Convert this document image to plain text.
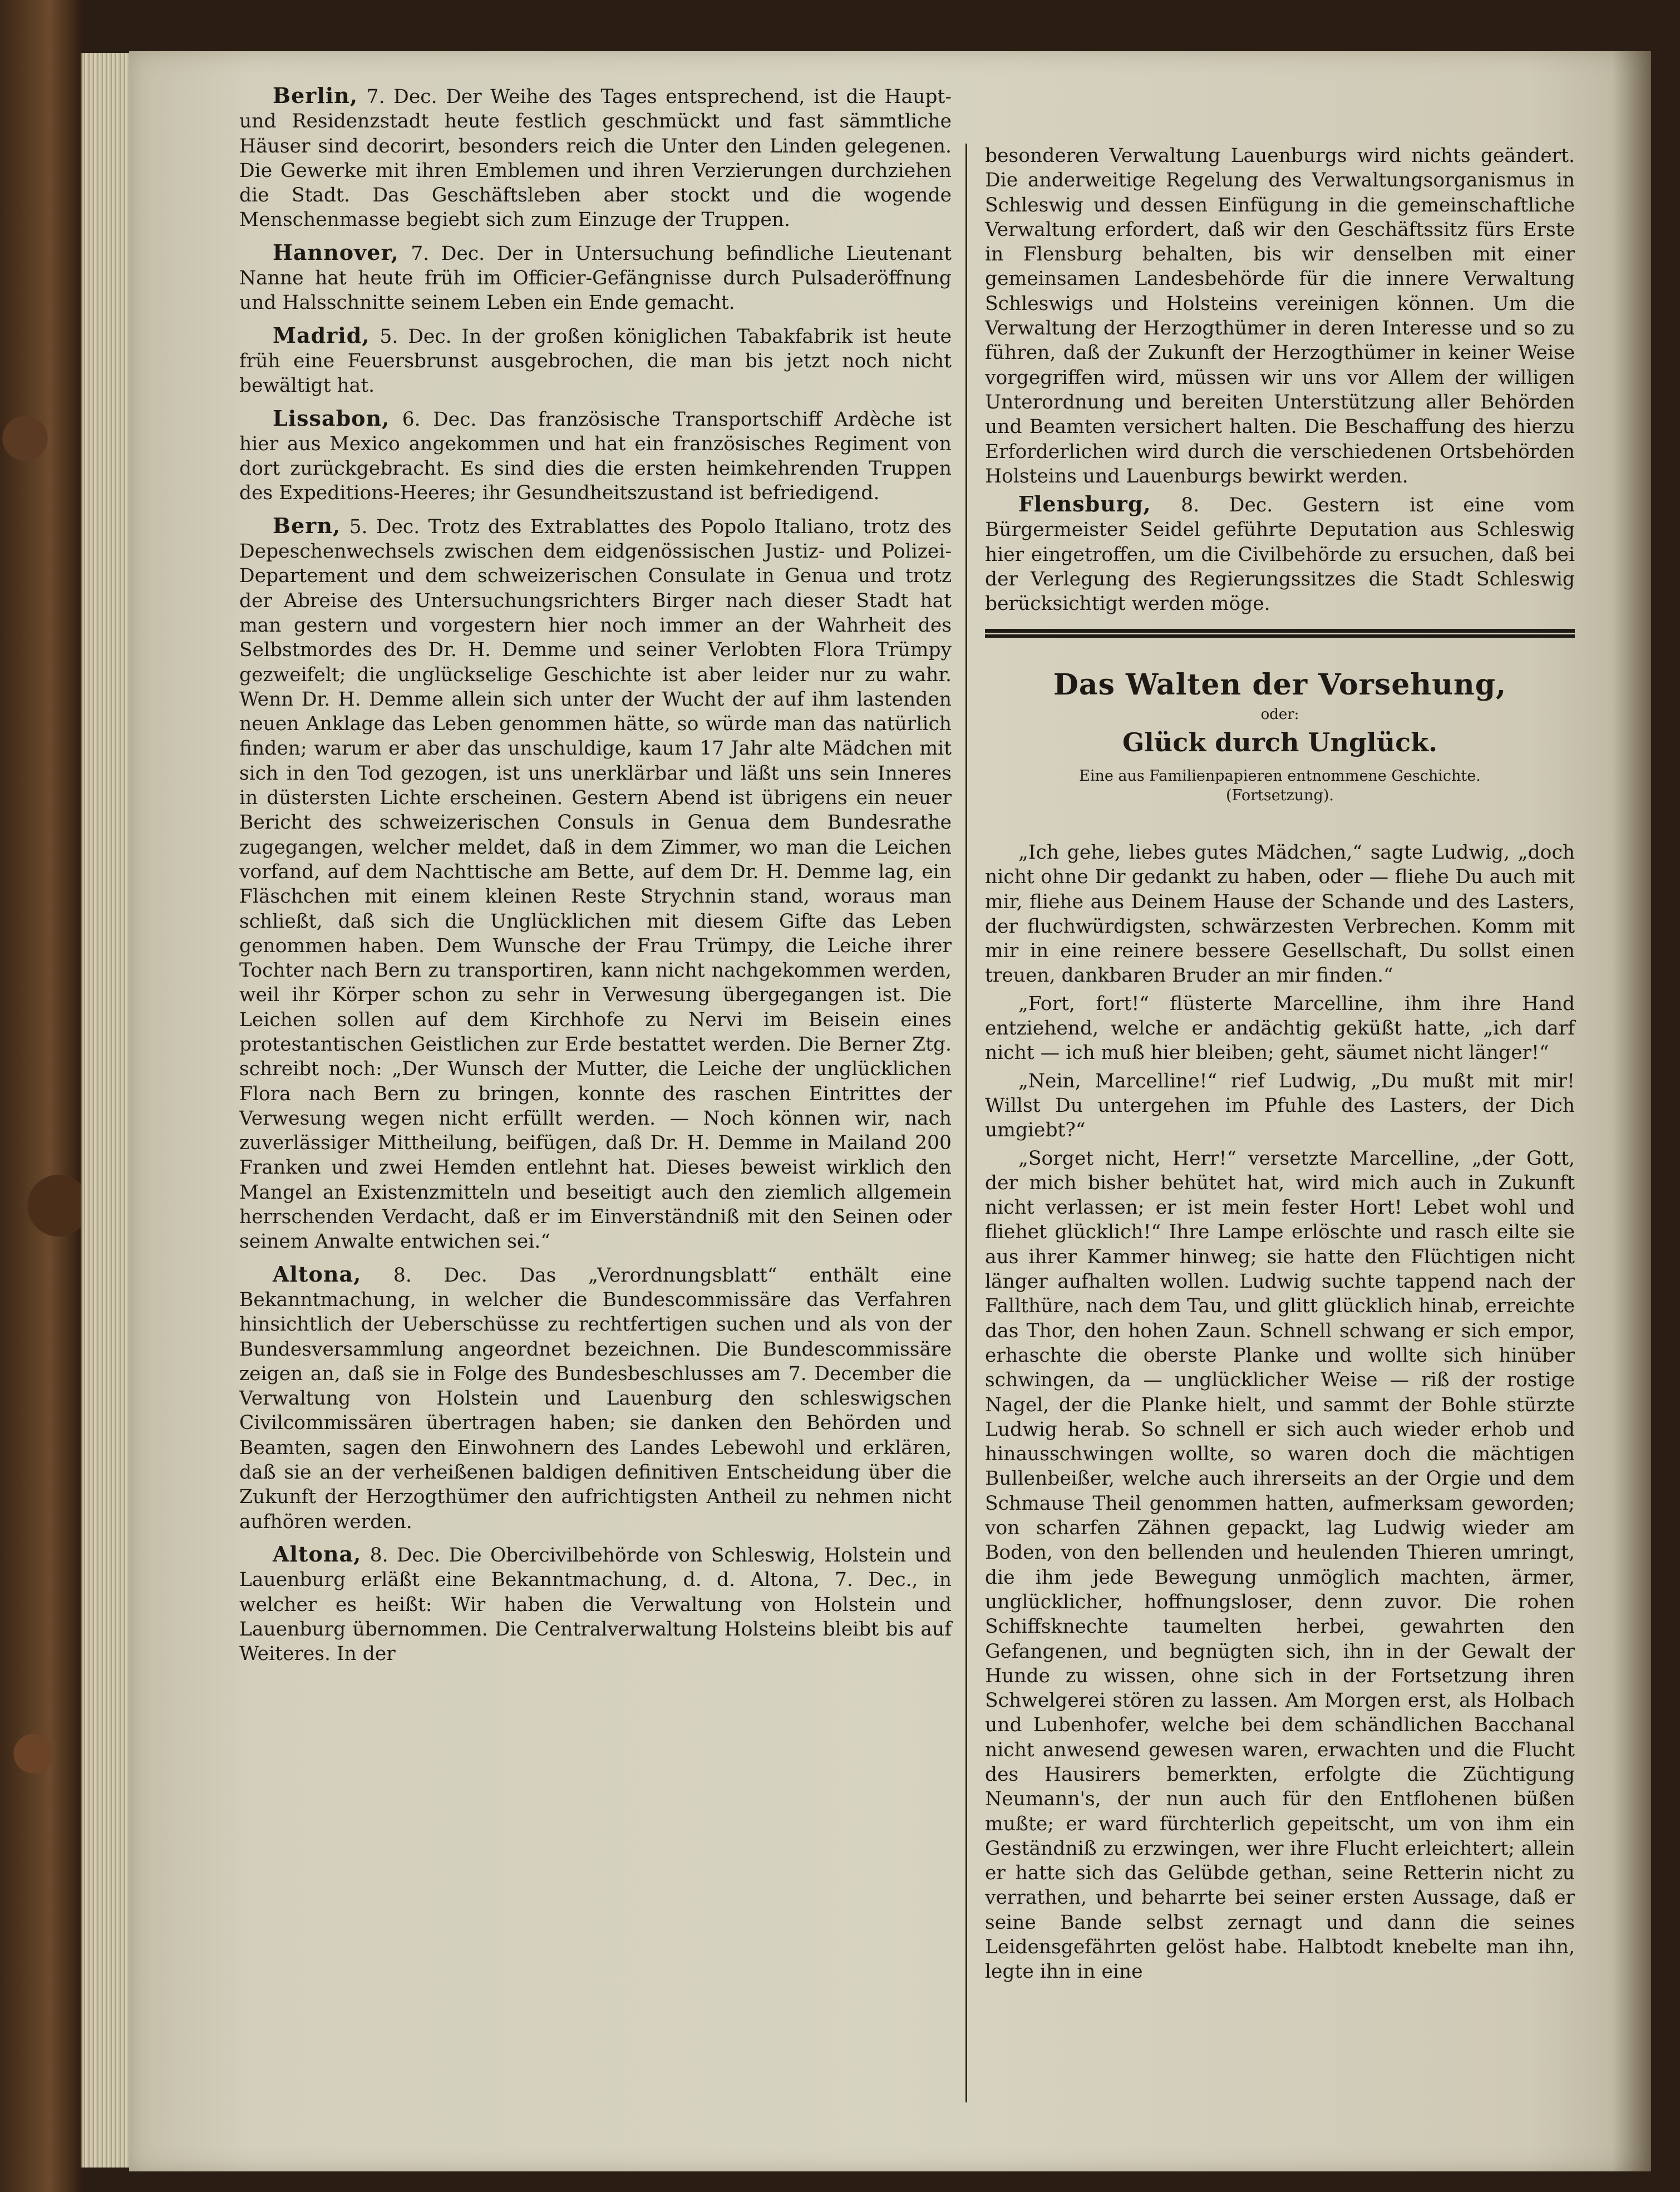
Berlin, 7. Dec. Der Weihe des Tages entsprechend, ist die Haupt- und Residenzstadt heute festlich geschmückt und fast sämmtliche Häuser sind decorirt, besonders reich die Unter den Linden gelegenen. Die Gewerke mit ihren Emblemen und ihren Verzierungen durchziehen die Stadt. Das Geschäftsleben aber stockt und die wogende Menschenmasse begiebt sich zum Einzuge der Truppen.

Hannover, 7. Dec. Der in Untersuchung befindliche Lieutenant Nanne hat heute früh im Officier-Gefängnisse durch Pulsaderöffnung und Halsschnitte seinem Leben ein Ende gemacht.

Madrid, 5. Dec. In der großen königlichen Tabakfabrik ist heute früh eine Feuersbrunst ausgebrochen, die man bis jetzt noch nicht bewältigt hat.

Lissabon, 6. Dec. Das französische Transportschiff Ardèche ist hier aus Mexico angekommen und hat ein französisches Regiment von dort zurückgebracht. Es sind dies die ersten heimkehrenden Truppen des Expeditions-Heeres; ihr Gesundheitszustand ist befriedigend.

Bern, 5. Dec. Trotz des Extrablattes des Popolo Italiano, trotz des Depeschenwechsels zwischen dem eidgenössischen Justiz- und Polizei-Departement und dem schweizerischen Consulate in Genua und trotz der Abreise des Untersuchungsrichters Birger nach dieser Stadt hat man gestern und vorgestern hier noch immer an der Wahrheit des Selbstmordes des Dr. H. Demme und seiner Verlobten Flora Trümpy gezweifelt; die unglückselige Geschichte ist aber leider nur zu wahr. Wenn Dr. H. Demme allein sich unter der Wucht der auf ihm lastenden neuen Anklage das Leben genommen hätte, so würde man das natürlich finden; warum er aber das unschuldige, kaum 17 Jahr alte Mädchen mit sich in den Tod gezogen, ist uns unerklärbar und läßt uns sein Inneres in düstersten Lichte erscheinen. Gestern Abend ist übrigens ein neuer Bericht des schweizerischen Consuls in Genua dem Bundesrathe zugegangen, welcher meldet, daß in dem Zimmer, wo man die Leichen vorfand, auf dem Nachttische am Bette, auf dem Dr. H. Demme lag, ein Fläschchen mit einem kleinen Reste Strychnin stand, woraus man schließt, daß sich die Unglücklichen mit diesem Gifte das Leben genommen haben. Dem Wunsche der Frau Trümpy, die Leiche ihrer Tochter nach Bern zu transportiren, kann nicht nachgekommen werden, weil ihr Körper schon zu sehr in Verwesung übergegangen ist. Die Leichen sollen auf dem Kirchhofe zu Nervi im Beisein eines protestantischen Geistlichen zur Erde bestattet werden. Die Berner Ztg. schreibt noch: „Der Wunsch der Mutter, die Leiche der unglücklichen Flora nach Bern zu bringen, konnte des raschen Eintrittes der Verwesung wegen nicht erfüllt werden. — Noch können wir, nach zuverlässiger Mittheilung, beifügen, daß Dr. H. Demme in Mailand 200 Franken und zwei Hemden entlehnt hat. Dieses beweist wirklich den Mangel an Existenzmitteln und beseitigt auch den ziemlich allgemein herrschenden Verdacht, daß er im Einverständniß mit den Seinen oder seinem Anwalte entwichen sei.“

Altona, 8. Dec. Das „Verordnungsblatt“ enthält eine Bekanntmachung, in welcher die Bundescommissäre das Verfahren hinsichtlich der Ueberschüsse zu rechtfertigen suchen und als von der Bundesversammlung angeordnet bezeichnen. Die Bundescommissäre zeigen an, daß sie in Folge des Bundesbeschlusses am 7. December die Verwaltung von Holstein und Lauenburg den schleswigschen Civilcommissären übertragen haben; sie danken den Behörden und Beamten, sagen den Einwohnern des Landes Lebewohl und erklären, daß sie an der verheißenen baldigen definitiven Entscheidung über die Zukunft der Herzogthümer den aufrichtigsten Antheil zu nehmen nicht aufhören werden.

Altona, 8. Dec. Die Obercivilbehörde von Schleswig, Holstein und Lauenburg erläßt eine Bekanntmachung, d. d. Altona, 7. Dec., in welcher es heißt: Wir haben die Verwaltung von Holstein und Lauenburg übernommen. Die Centralverwaltung Holsteins bleibt bis auf Weiteres. In der

besonderen Verwaltung Lauenburgs wird nichts geändert. Die anderweitige Regelung des Verwaltungsorganismus in Schleswig und dessen Einfügung in die gemeinschaftliche Verwaltung erfordert, daß wir den Geschäftssitz fürs Erste in Flensburg behalten, bis wir denselben mit einer gemeinsamen Landesbehörde für die innere Verwaltung Schleswigs und Holsteins vereinigen können. Um die Verwaltung der Herzogthümer in deren Interesse und so zu führen, daß der Zukunft der Herzogthümer in keiner Weise vorgegriffen wird, müssen wir uns vor Allem der willigen Unterordnung und bereiten Unterstützung aller Behörden und Beamten versichert halten. Die Beschaffung des hierzu Erforderlichen wird durch die verschiedenen Ortsbehörden Holsteins und Lauenburgs bewirkt werden.

Flensburg, 8. Dec. Gestern ist eine vom Bürgermeister Seidel geführte Deputation aus Schleswig hier eingetroffen, um die Civilbehörde zu ersuchen, daß bei der Verlegung des Regierungssitzes die Stadt Schleswig berücksichtigt werden möge.

Das Walten der Vorsehung,

oder:

Glück durch Unglück.

Eine aus Familienpapieren entnommene Geschichte.

(Fortsetzung).

„Ich gehe, liebes gutes Mädchen,“ sagte Ludwig, „doch nicht ohne Dir gedankt zu haben, oder — fliehe Du auch mit mir, fliehe aus Deinem Hause der Schande und des Lasters, der fluchwürdigsten, schwärzesten Verbrechen. Komm mit mir in eine reinere bessere Gesellschaft, Du sollst einen treuen, dankbaren Bruder an mir finden.“

„Fort, fort!“ flüsterte Marcelline, ihm ihre Hand entziehend, welche er andächtig geküßt hatte, „ich darf nicht — ich muß hier bleiben; geht, säumet nicht länger!“

„Nein, Marcelline!“ rief Ludwig, „Du mußt mit mir! Willst Du untergehen im Pfuhle des Lasters, der Dich umgiebt?“

„Sorget nicht, Herr!“ versetzte Marcelline, „der Gott, der mich bisher behütet hat, wird mich auch in Zukunft nicht verlassen; er ist mein fester Hort! Lebet wohl und fliehet glücklich!“ Ihre Lampe erlöschte und rasch eilte sie aus ihrer Kammer hinweg; sie hatte den Flüchtigen nicht länger aufhalten wollen. Ludwig suchte tappend nach der Fallthüre, nach dem Tau, und glitt glücklich hinab, erreichte das Thor, den hohen Zaun. Schnell schwang er sich empor, erhaschte die oberste Planke und wollte sich hinüber schwingen, da — unglücklicher Weise — riß der rostige Nagel, der die Planke hielt, und sammt der Bohle stürzte Ludwig herab. So schnell er sich auch wieder erhob und hinausschwingen wollte, so waren doch die mächtigen Bullenbeißer, welche auch ihrerseits an der Orgie und dem Schmause Theil genommen hatten, aufmerksam geworden; von scharfen Zähnen gepackt, lag Ludwig wieder am Boden, von den bellenden und heulenden Thieren umringt, die ihm jede Bewegung unmöglich machten, ärmer, unglücklicher, hoffnungsloser, denn zuvor. Die rohen Schiffsknechte taumelten herbei, gewahrten den Gefangenen, und begnügten sich, ihn in der Gewalt der Hunde zu wissen, ohne sich in der Fortsetzung ihren Schwelgerei stören zu lassen. Am Morgen erst, als Holbach und Lubenhofer, welche bei dem schändlichen Bacchanal nicht anwesend gewesen waren, erwachten und die Flucht des Hausirers bemerkten, erfolgte die Züchtigung Neumann's, der nun auch für den Entflohenen büßen mußte; er ward fürchterlich gepeitscht, um von ihm ein Geständniß zu erzwingen, wer ihre Flucht erleichtert; allein er hatte sich das Gelübde gethan, seine Retterin nicht zu verrathen, und beharrte bei seiner ersten Aussage, daß er seine Bande selbst zernagt und dann die seines Leidensgefährten gelöst habe. Halbtodt knebelte man ihn, legte ihn in eine
